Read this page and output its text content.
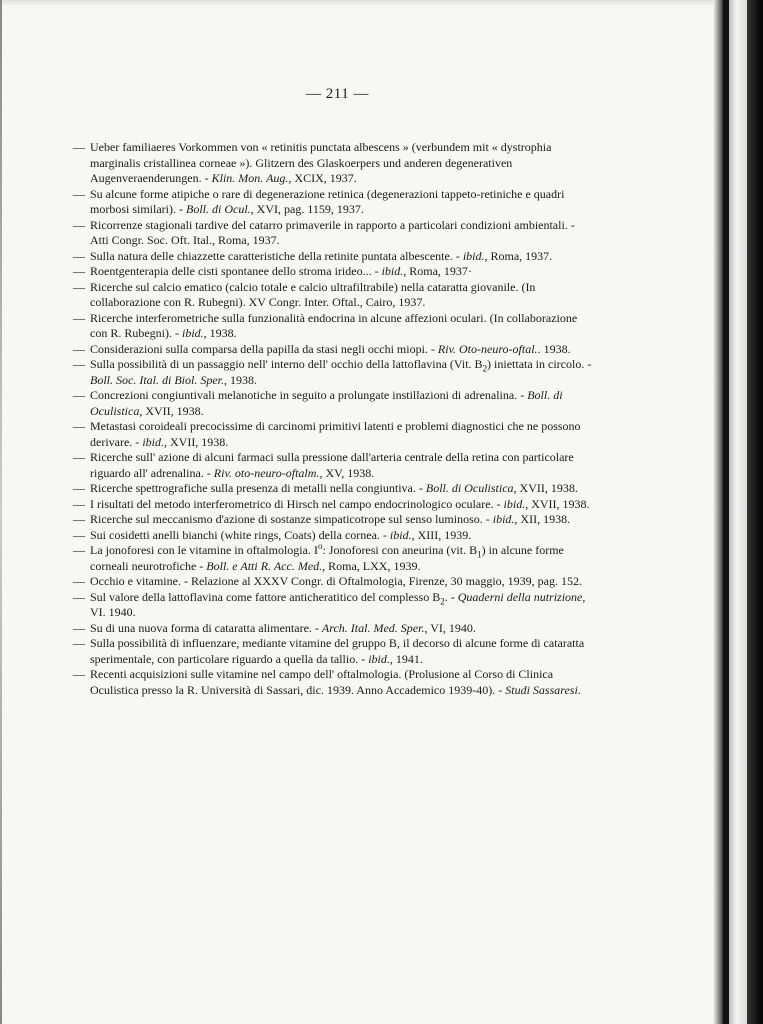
— 211 —
— Ueber familiaeres Vorkommen von « retinitis punctata albescens » (verbundem mit « dystrophia marginalis cristallinea corneae »). Glitzern des Glaskoerpers und anderen degenerativen Augenveraenderungen. - Klin. Mon. Aug., XCIX, 1937.
— Su alcune forme atipiche o rare di degenerazione retinica (degenerazioni tappeto-retiniche e quadri morbosi similari). - Boll. di Ocul., XVI, pag. 1159, 1937.
— Ricorrenze stagionali tardive del catarro primaverile in rapporto a particolari condizioni ambientali. - Atti Congr. Soc. Oft. Ital., Roma, 1937.
— Sulla natura delle chiazzette caratteristiche della retinite puntata albescente. - ibid., Roma, 1937.
— Roentgenterapia delle cisti spontanee dello stroma irideo... - ibid., Roma, 1937·
— Ricerche sul calcio ematico (calcio totale e calcio ultrafiltrabile) nella cataratta giovanile. (In collaborazione con R. Rubegni). XV Congr. Inter. Oftal., Cairo, 1937.
— Ricerche interferometriche sulla funzionalità endocrina in alcune affezioni oculari. (In collaborazione con R. Rubegni). - ibid., 1938.
— Considerazioni sulla comparsa della papilla da stasi negli occhi miopi. - Riv. Oto-neuro-oftal.. 1938.
— Sulla possibilità di un passaggio nell' interno dell' occhio della lattoflavina (Vit. $B_2$) iniettata in circolo. - Boll. Soc. Ital. di Biol. Sper., 1938.
— Concrezioni congiuntivali melanotiche in seguito a prolungate instillazioni di adrenalina. - Boll. di Oculistica, XVII, 1938.
— Metastasi coroideali precocissime di carcinomi primitivi latenti e problemi diagnostici che ne possono derivare. - ibid., XVII, 1938.
— Ricerche sull' azione di alcuni farmaci sulla pressione dall'arteria centrale della retina con particolare riguardo all' adrenalina. - Riv. oto-neuro-oftalm., XV, 1938.
— Ricerche spettrografiche sulla presenza di metalli nella congiuntiva. - Boll. di Oculistica, XVII, 1938.
— I risultati del metodo interferometrico di Hirsch nel campo endocrinologico oculare. - ibid., XVII, 1938.
— Ricerche sul meccanismo d'azione di sostanze simpaticotrope sul senso luminoso. - ibid., XII, 1938.
— Sui cosidetti anelli bianchi (white rings, Coats) della cornea. - ibid., XIII, 1939.
— La jonoforesi con le vitamine in oftalmologia. $I^o$: Jonoforesi con aneurina (vit. $B_1$) in alcune forme corneali neurotrofiche - Boll. e Atti R. Acc. Med., Roma, LXX, 1939.
— Occhio e vitamine. - Relazione al XXXV Congr. di Oftalmologia, Firenze, 30 maggio, 1939, pag. 152.
— Sul valore della lattoflavina come fattore anticheratitico del complesso $B_2$. - Quaderni della nutrizione, VI. 1940.
— Su di una nuova forma di cataratta alimentare. - Arch. Ital. Med. Sper., VI, 1940.
— Sulla possibilità di influenzare, mediante vitamine del gruppo B, il decorso di alcune forme di cataratta sperimentale, con particolare riguardo a quella da tallio. - ibid., 1941.
— Recenti acquisizioni sulle vitamine nel campo dell' oftalmologia. (Prolusione al Corso di Clinica Oculistica presso la R. Università di Sassari, dic. 1939. Anno Accademico 1939-40). - Studi Sassaresi.
